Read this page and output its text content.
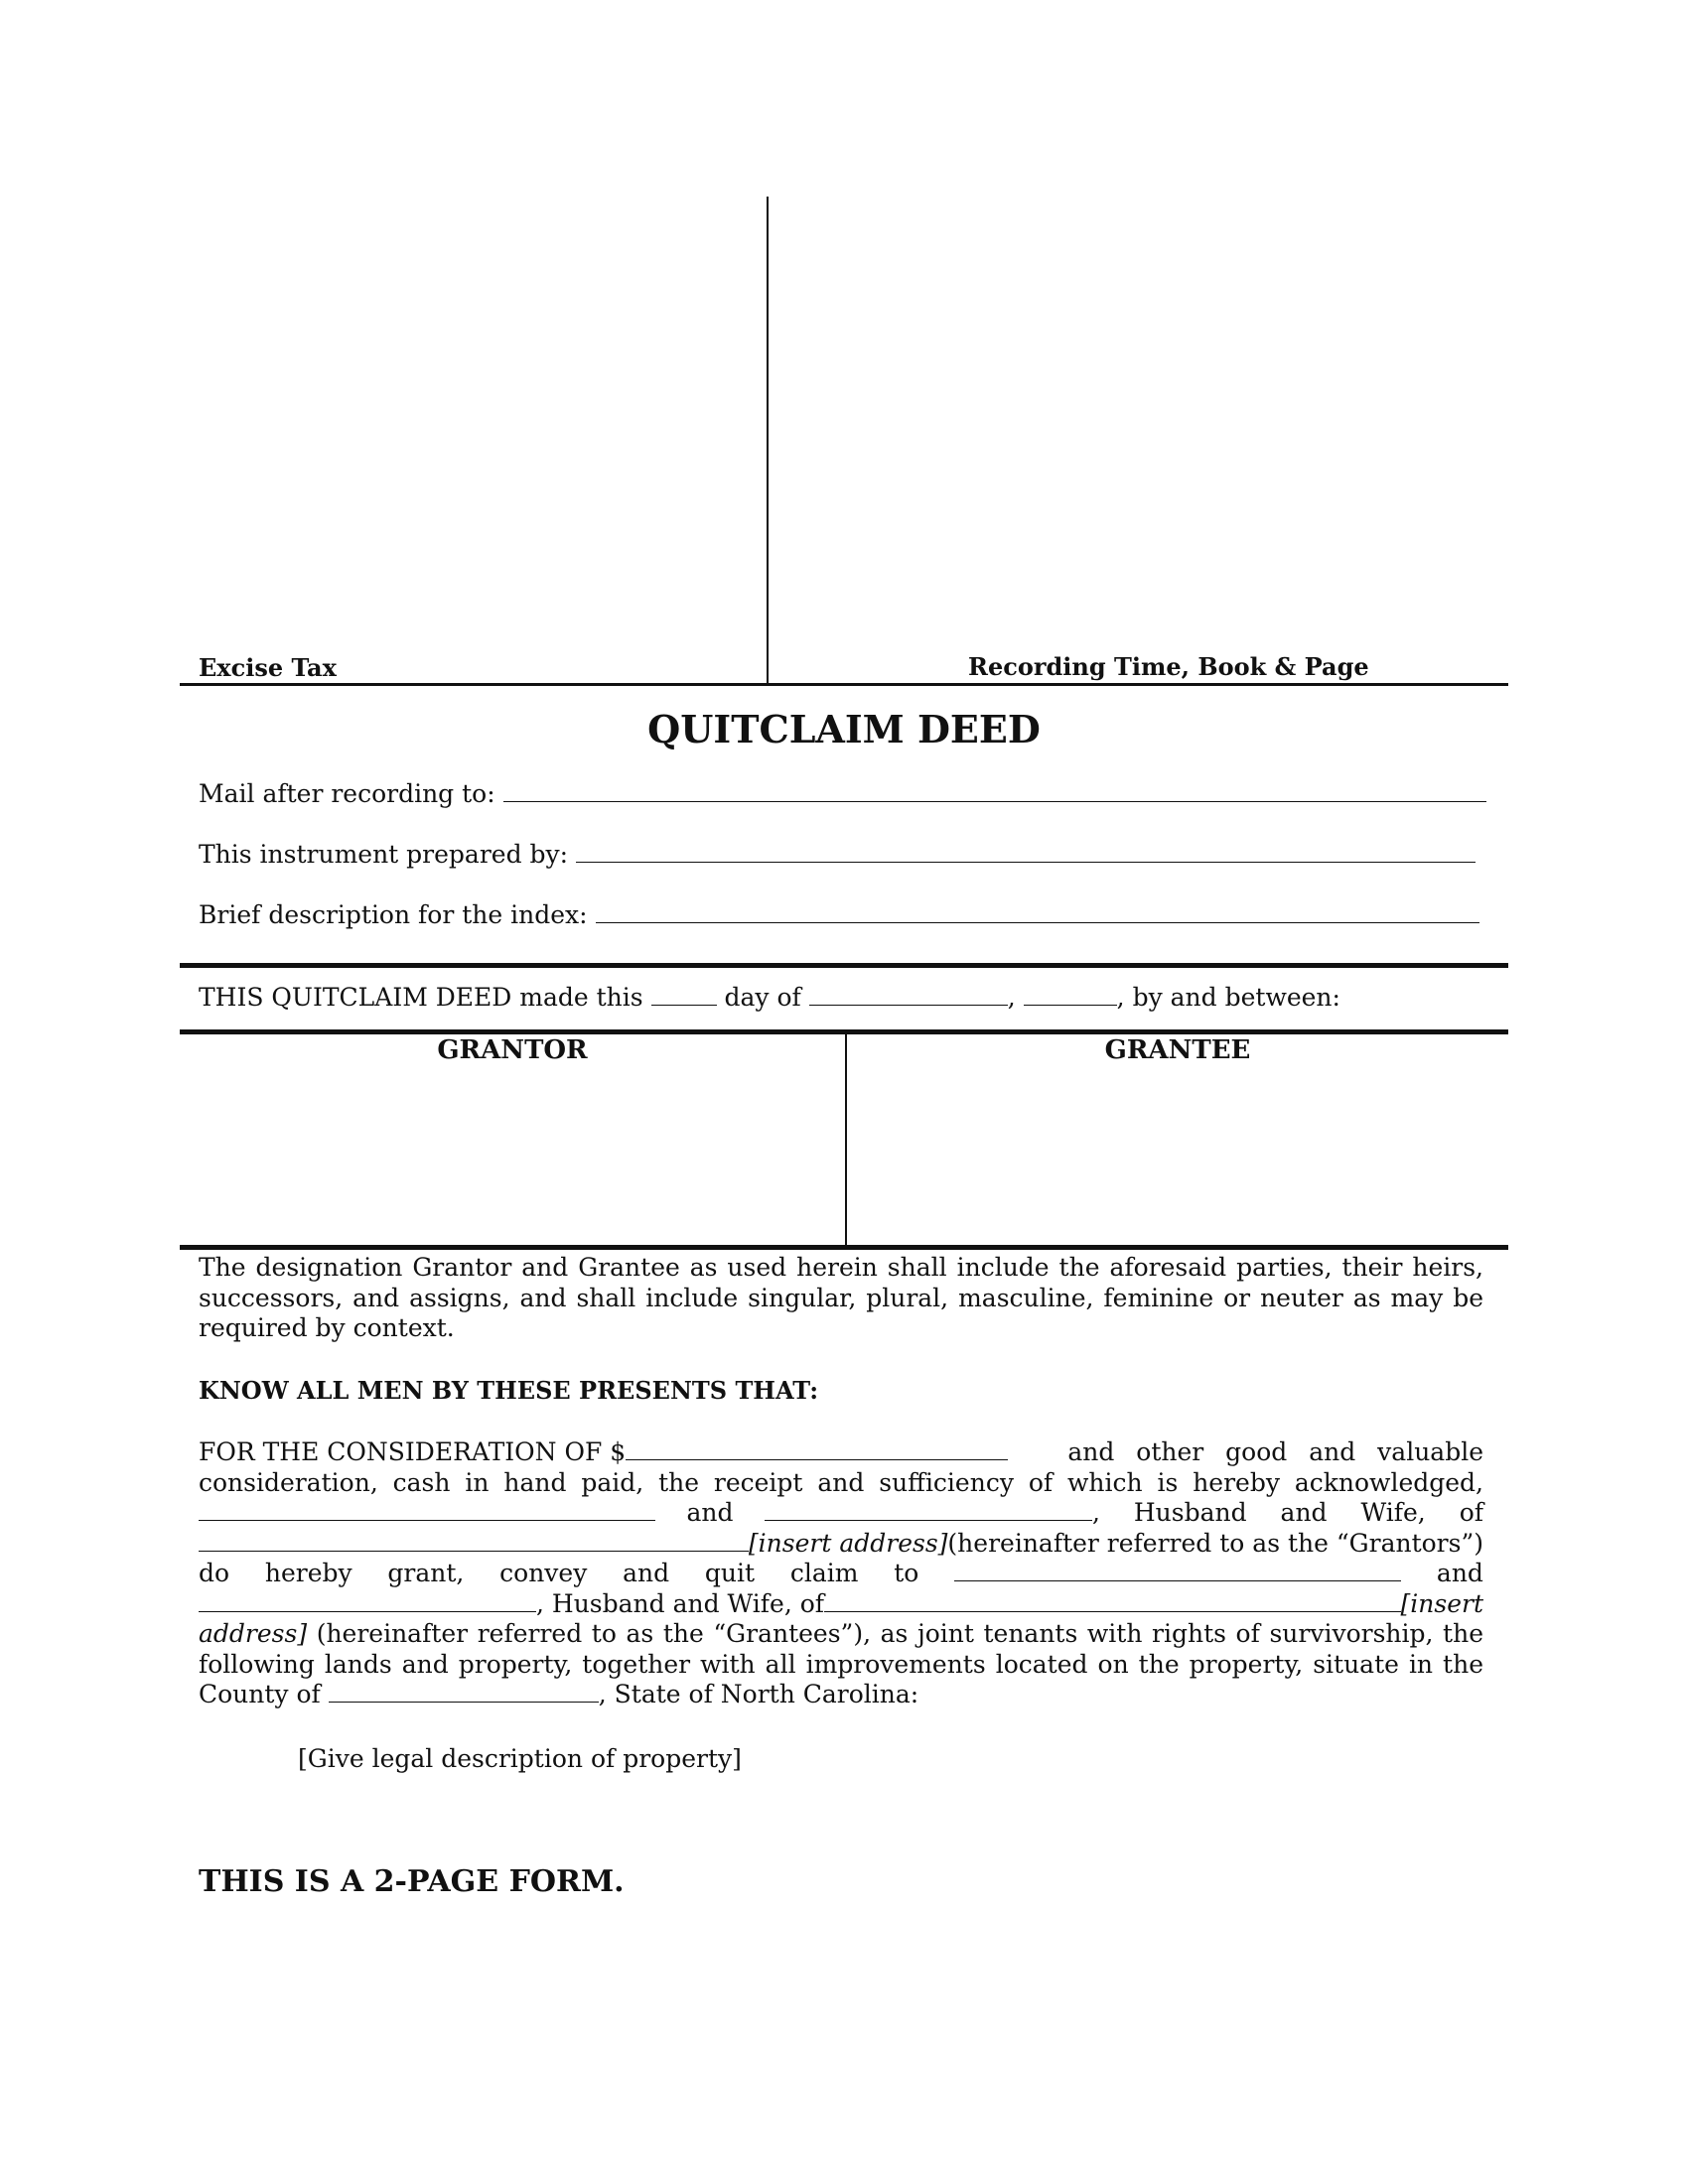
Excise Tax	Recording Time, Book & Page
QUITCLAIM DEED
Mail after recording to:
This instrument prepared by:
Brief description for the index:
THIS QUITCLAIM DEED made this	day of	,	, by and between:
GRANTOR	GRANTEE
The designation Grantor and Grantee as used herein shall include the aforesaid parties, their heirs, successors, and assigns, and shall include singular, plural, masculine, feminine or neuter as may be required by context.
KNOW ALL MEN BY THESE PRESENTS THAT:
FOR THE CONSIDERATION OF $	and other good and valuable
consideration, cash in hand paid, the receipt and sufficiency of which is hereby acknowledged,
and	, Husband and Wife, of
[insert address] (hereinafter referred to as the “Grantors”)
do hereby grant, convey and quit claim to	and
, Husband and Wife, of	[insert
address] (hereinafter referred to as the “Grantees”), as joint tenants with rights of survivorship, the
following lands and property, together with all improvements located on the property, situate in the
County of	, State of North Carolina:
[Give legal description of property]
THIS IS A 2-PAGE FORM.
